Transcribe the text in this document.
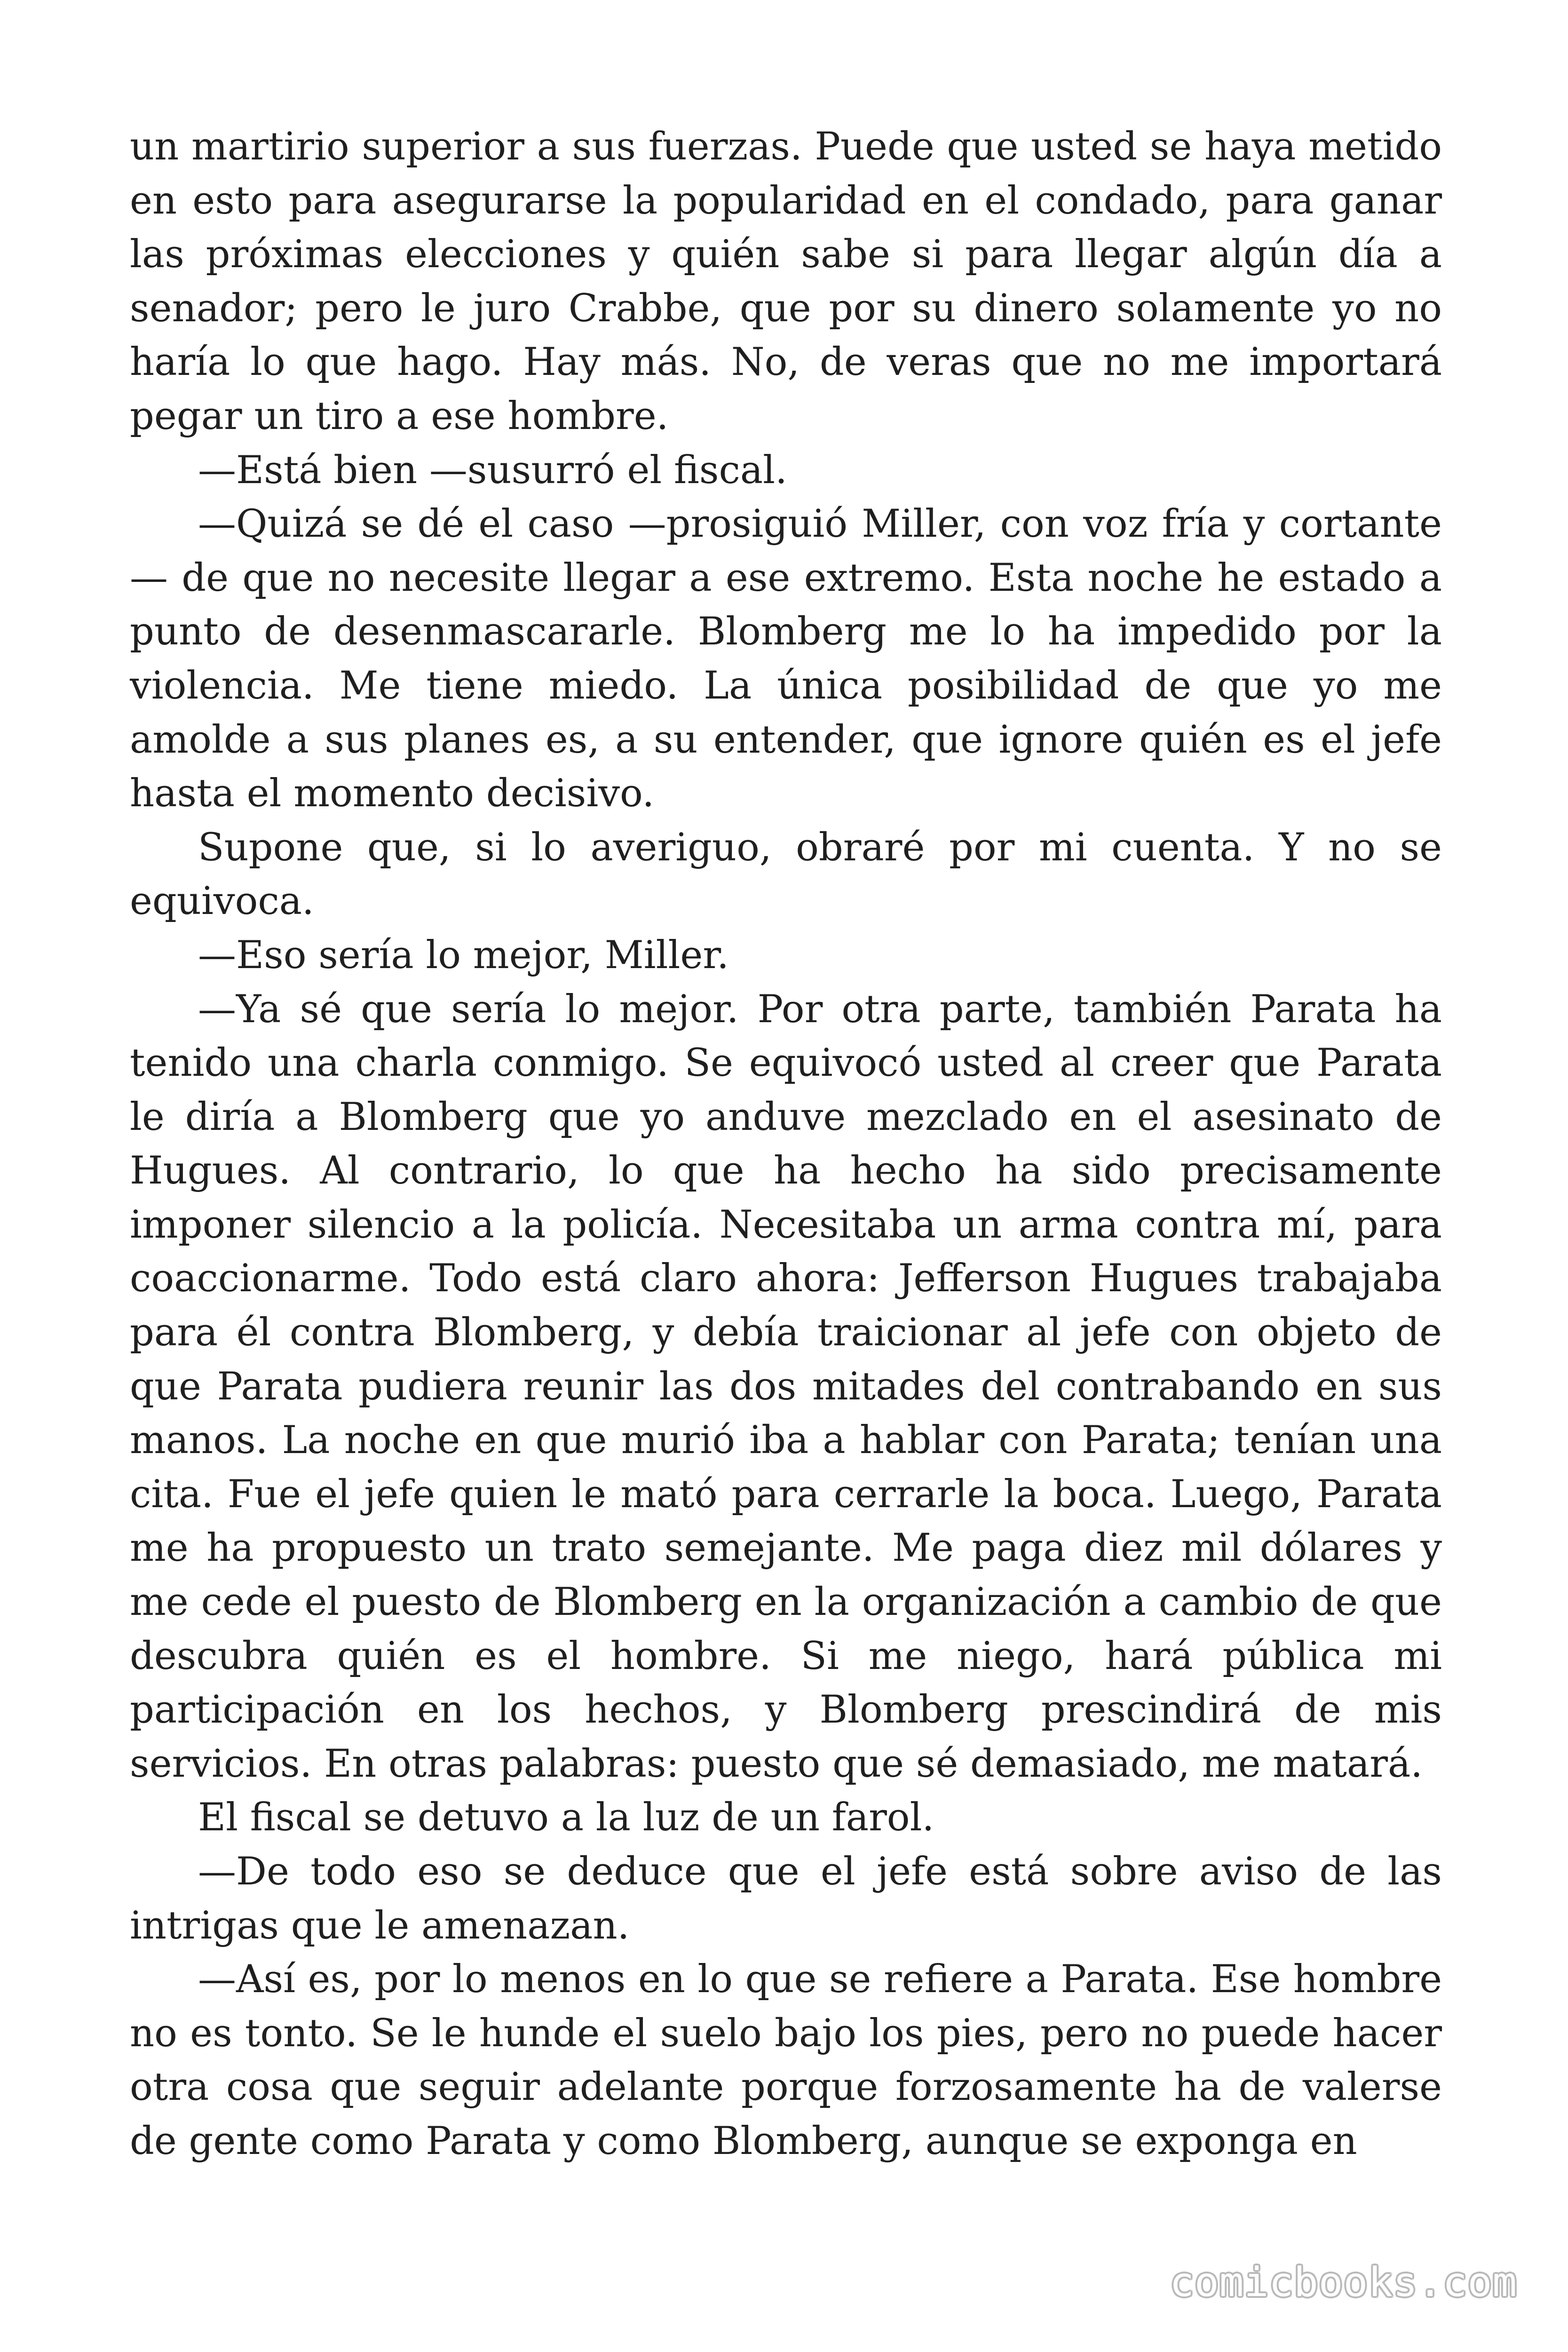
un martirio superior a sus fuerzas. Puede que usted se haya metido en esto para asegurarse la popularidad en el condado, para ganar las próximas elecciones y quién sabe si para llegar algún día a senador; pero le juro Crabbe, que por su dinero solamente yo no haría lo que hago. Hay más. No, de veras que no me importará pegar un tiro a ese hombre.

—Está bien —susurró el fiscal.

—Quizá se dé el caso —prosiguió Miller, con voz fría y cortante — de que no necesite llegar a ese extremo. Esta noche he estado a punto de desenmascararle. Blomberg me lo ha impedido por la violencia. Me tiene miedo. La única posibilidad de que yo me amolde a sus planes es, a su entender, que ignore quién es el jefe hasta el momento decisivo.

Supone que, si lo averiguo, obraré por mi cuenta. Y no se equivoca.

—Eso sería lo mejor, Miller.

—Ya sé que sería lo mejor. Por otra parte, también Parata ha tenido una charla conmigo. Se equivocó usted al creer que Parata le diría a Blomberg que yo anduve mezclado en el asesinato de Hugues. Al contrario, lo que ha hecho ha sido precisamente imponer silencio a la policía. Necesitaba un arma contra mí, para coaccionarme. Todo está claro ahora: Jefferson Hugues trabajaba para él contra Blomberg, y debía traicionar al jefe con objeto de que Parata pudiera reunir las dos mitades del contrabando en sus manos. La noche en que murió iba a hablar con Parata; tenían una cita. Fue el jefe quien le mató para cerrarle la boca. Luego, Parata me ha propuesto un trato semejante. Me paga diez mil dólares y me cede el puesto de Blomberg en la organización a cambio de que descubra quién es el hombre. Si me niego, hará pública mi participación en los hechos, y Blomberg prescindirá de mis servicios. En otras palabras: puesto que sé demasiado, me matará.

El fiscal se detuvo a la luz de un farol.

—De todo eso se deduce que el jefe está sobre aviso de las intrigas que le amenazan.

—Así es, por lo menos en lo que se refiere a Parata. Ese hombre no es tonto. Se le hunde el suelo bajo los pies, pero no puede hacer otra cosa que seguir adelante porque forzosamente ha de valerse de gente como Parata y como Blomberg, aunque se exponga en

comicbooks.com
